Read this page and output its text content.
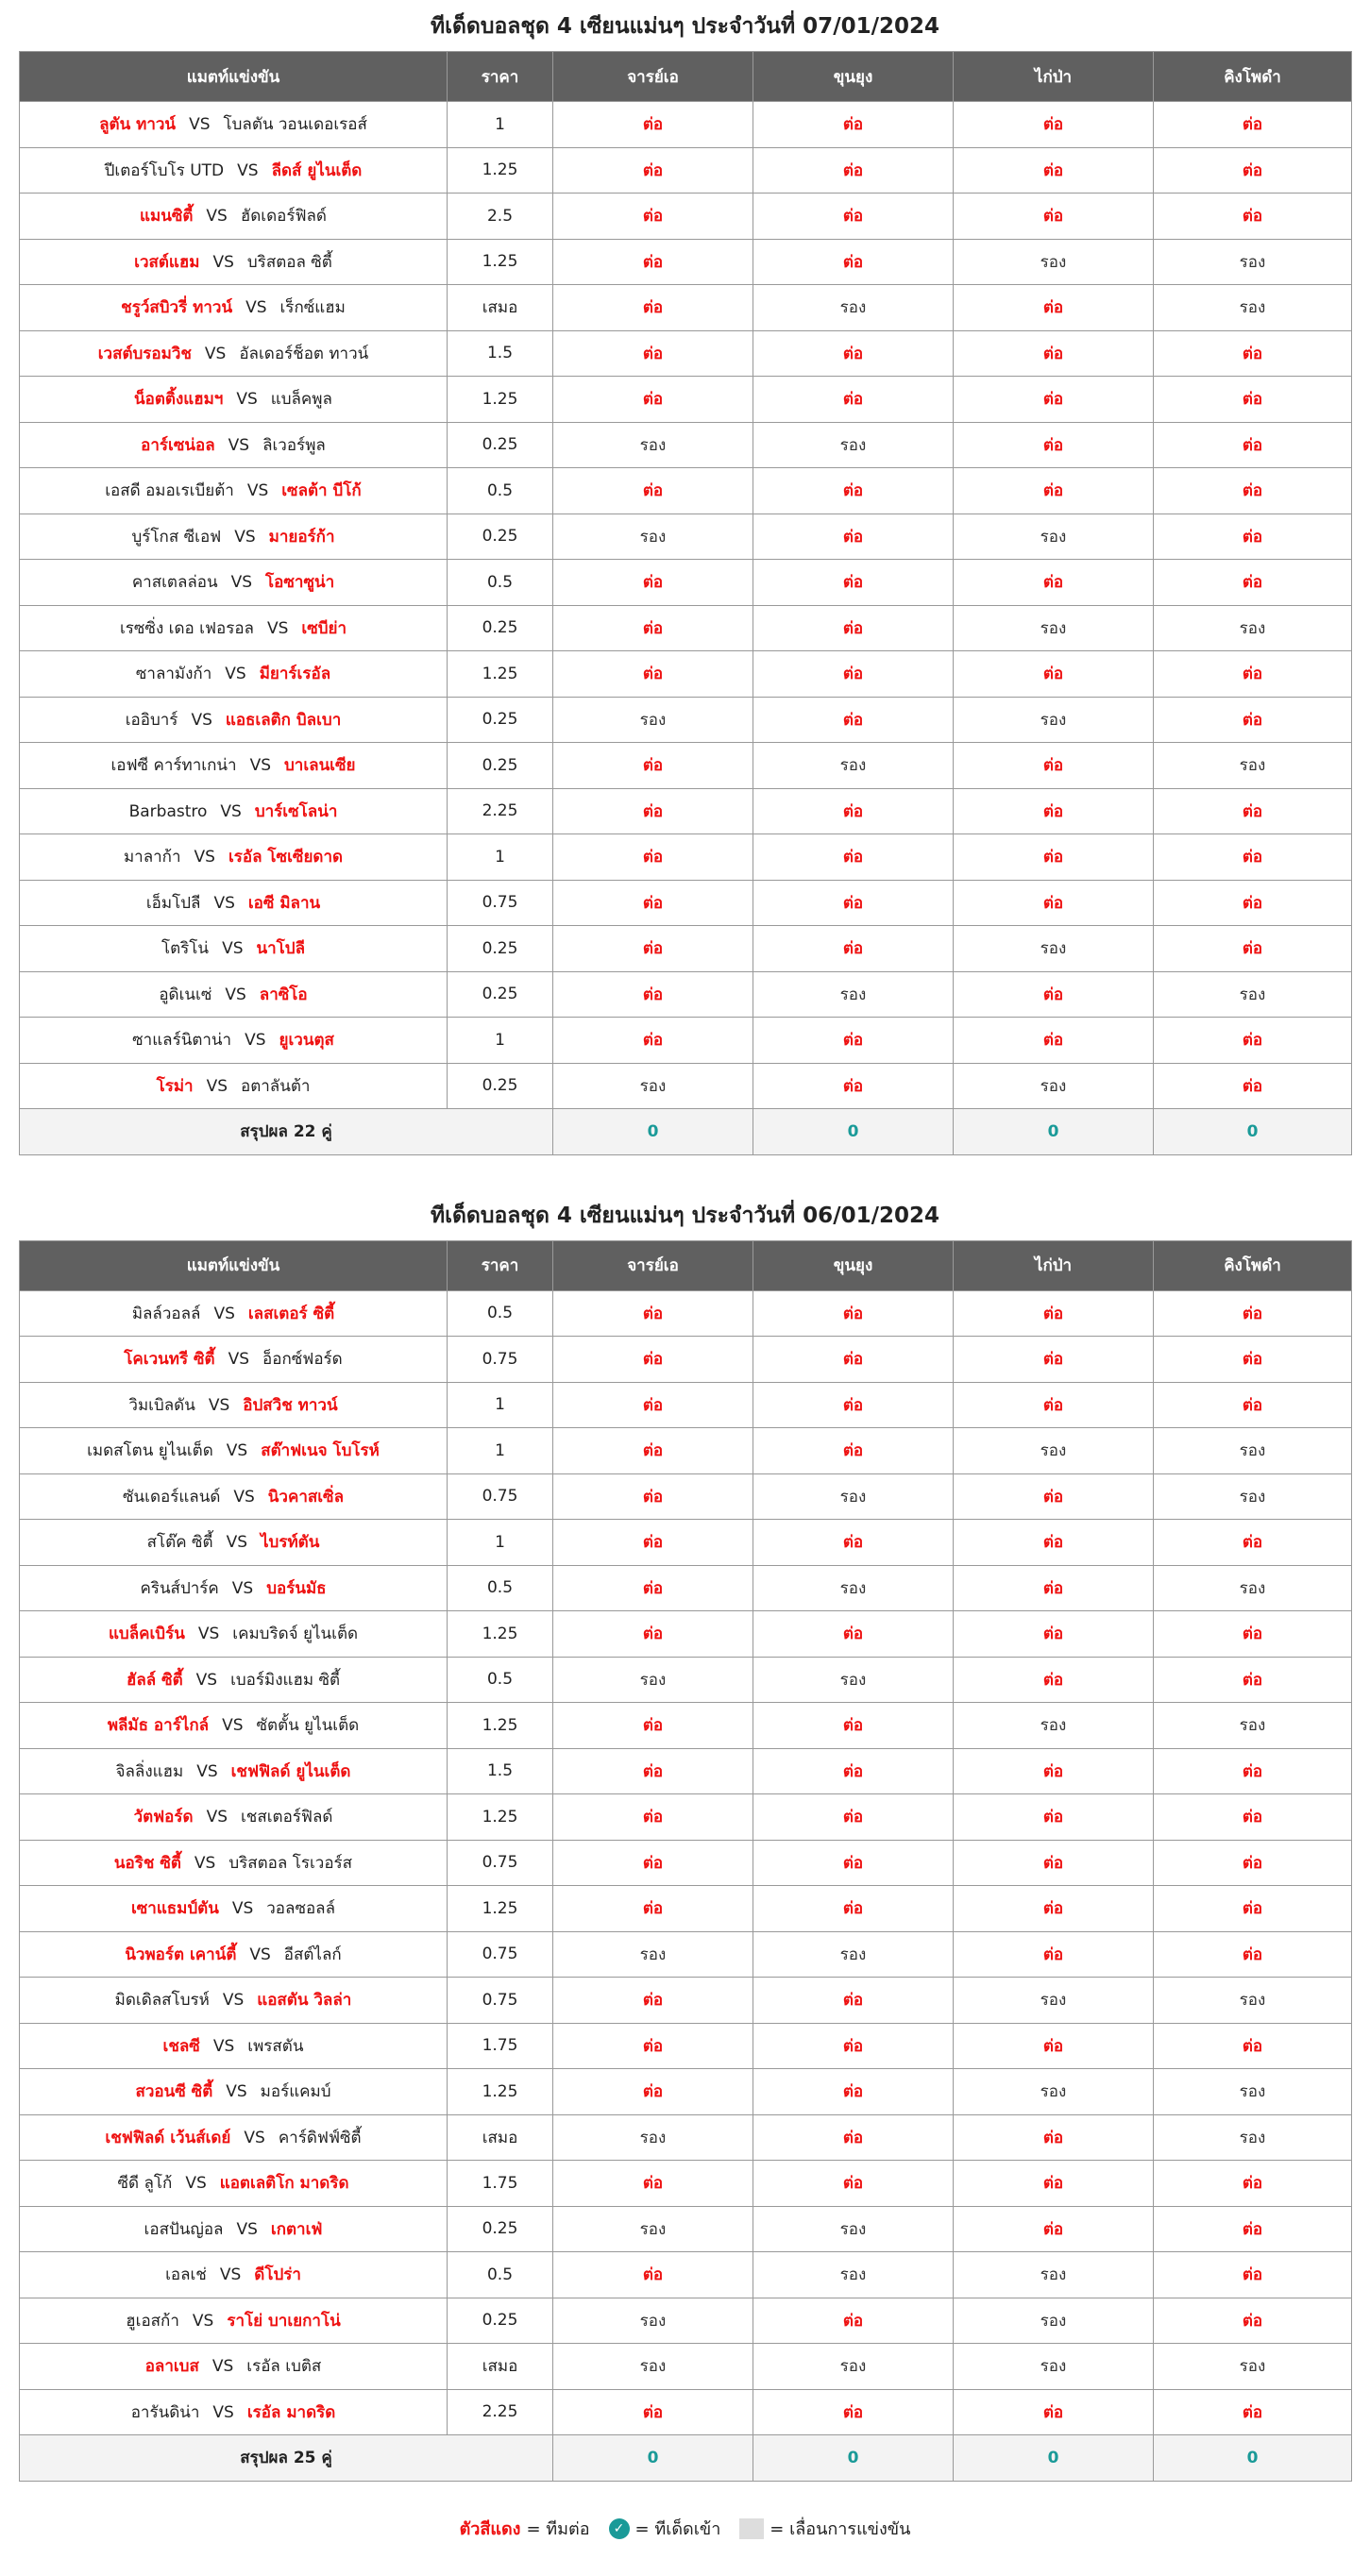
ทีเด็ดบอลชุด 4 เซียนแม่นๆ ประจำวันที่ 07/01/2024
แมตท์แข่งขัน	ราคา	จารย์เอ	ขุนยุง	ไก่ป่า	คิงโพดำ
ลูตัน ทาวน์ VS โบลตัน วอนเดอเรอส์	1	ต่อ	ต่อ	ต่อ	ต่อ
ปีเตอร์โบโร UTD VS ลีดส์ ยูไนเต็ด	1.25	ต่อ	ต่อ	ต่อ	ต่อ
แมนซิตี้ VS ฮัดเดอร์ฟิลด์	2.5	ต่อ	ต่อ	ต่อ	ต่อ
เวสต์แฮม VS บริสตอล ซิตี้	1.25	ต่อ	ต่อ	รอง	รอง
ชรูว์สบิวรี่ ทาวน์ VS เร็กซ์แฮม	เสมอ	ต่อ	รอง	ต่อ	รอง
เวสต์บรอมวิช VS อัลเดอร์ช็อต ทาวน์	1.5	ต่อ	ต่อ	ต่อ	ต่อ
น็อตติ้งแฮมฯ VS แบล็คพูล	1.25	ต่อ	ต่อ	ต่อ	ต่อ
อาร์เซน่อล VS ลิเวอร์พูล	0.25	รอง	รอง	ต่อ	ต่อ
เอสดี อมอเรเบียต้า VS เซลต้า บีโก้	0.5	ต่อ	ต่อ	ต่อ	ต่อ
บูร์โกส ซีเอฟ VS มายอร์ก้า	0.25	รอง	ต่อ	รอง	ต่อ
คาสเตลล่อน VS โอซาซูน่า	0.5	ต่อ	ต่อ	ต่อ	ต่อ
เรซซิ่ง เดอ เฟอรอล VS เซบีย่า	0.25	ต่อ	ต่อ	รอง	รอง
ซาลามังก้า VS มียาร์เรอัล	1.25	ต่อ	ต่อ	ต่อ	ต่อ
เออิบาร์ VS แอธเลติก บิลเบา	0.25	รอง	ต่อ	รอง	ต่อ
เอฟซี คาร์ทาเกน่า VS บาเลนเซีย	0.25	ต่อ	รอง	ต่อ	รอง
Barbastro VS บาร์เซโลน่า	2.25	ต่อ	ต่อ	ต่อ	ต่อ
มาลาก้า VS เรอัล โซเซียดาด	1	ต่อ	ต่อ	ต่อ	ต่อ
เอ็มโปลี VS เอซี มิลาน	0.75	ต่อ	ต่อ	ต่อ	ต่อ
โตริโน่ VS นาโปลี	0.25	ต่อ	ต่อ	รอง	ต่อ
อูดิเนเซ่ VS ลาซิโอ	0.25	ต่อ	รอง	ต่อ	รอง
ซาแลร์นิตาน่า VS ยูเวนตุส	1	ต่อ	ต่อ	ต่อ	ต่อ
โรม่า VS อตาลันต้า	0.25	รอง	ต่อ	รอง	ต่อ
สรุปผล 22 คู่		0	0	0	0
ทีเด็ดบอลชุด 4 เซียนแม่นๆ ประจำวันที่ 06/01/2024
แมตท์แข่งขัน	ราคา	จารย์เอ	ขุนยุง	ไก่ป่า	คิงโพดำ
มิลล์วอลล์ VS เลสเตอร์ ซิตี้	0.5	ต่อ	ต่อ	ต่อ	ต่อ
โคเวนทรี ซิตี้ VS อ็อกซ์ฟอร์ด	0.75	ต่อ	ต่อ	ต่อ	ต่อ
วิมเบิลดัน VS อิปสวิช ทาวน์	1	ต่อ	ต่อ	ต่อ	ต่อ
เมดสโตน ยูไนเต็ด VS สต๊าฟเนจ โบโรห์	1	ต่อ	ต่อ	รอง	รอง
ซันเดอร์แลนด์ VS นิวคาสเซิ่ล	0.75	ต่อ	รอง	ต่อ	รอง
สโต๊ค ซิตี้ VS ไบรท์ตัน	1	ต่อ	ต่อ	ต่อ	ต่อ
ครินส์ปาร์ค VS บอร์นมัธ	0.5	ต่อ	รอง	ต่อ	รอง
แบล็คเบิร์น VS เคมบริดจ์ ยูไนเต็ด	1.25	ต่อ	ต่อ	ต่อ	ต่อ
ฮัลล์ ซิตี้ VS เบอร์มิงแฮม ซิตี้	0.5	รอง	รอง	ต่อ	ต่อ
พลีมัธ อาร์ไกล์ VS ซัตตั้น ยูไนเต็ด	1.25	ต่อ	ต่อ	รอง	รอง
จิลลิ่งแฮม VS เชฟฟิลด์ ยูไนเต็ด	1.5	ต่อ	ต่อ	ต่อ	ต่อ
วัตฟอร์ด VS เชสเตอร์ฟิลด์	1.25	ต่อ	ต่อ	ต่อ	ต่อ
นอริช ซิตี้ VS บริสตอล โรเวอร์ส	0.75	ต่อ	ต่อ	ต่อ	ต่อ
เซาแธมป์ตัน VS วอลซอลล์	1.25	ต่อ	ต่อ	ต่อ	ต่อ
นิวพอร์ต เคาน์ตี้ VS อีสต์ไลก์	0.75	รอง	รอง	ต่อ	ต่อ
มิดเดิลสโบรห์ VS แอสตัน วิลล่า	0.75	ต่อ	ต่อ	รอง	รอง
เชลซี VS เพรสตัน	1.75	ต่อ	ต่อ	ต่อ	ต่อ
สวอนซี ซิตี้ VS มอร์แคมบ์	1.25	ต่อ	ต่อ	รอง	รอง
เชฟฟิลด์ เว้นส์เดย์ VS คาร์ดิฟฟ์ซิตี้	เสมอ	รอง	ต่อ	ต่อ	รอง
ซีดี ลูโก้ VS แอตเลติโก มาดริด	1.75	ต่อ	ต่อ	ต่อ	ต่อ
เอสปันญ่อล VS เกตาเฟ่	0.25	รอง	รอง	ต่อ	ต่อ
เอลเช่ VS ดีโปร่า	0.5	ต่อ	รอง	รอง	ต่อ
ฮูเอสก้า VS ราโย่ บาเยกาโน่	0.25	รอง	ต่อ	รอง	ต่อ
อลาเบส VS เรอัล เบติส	เสมอ	รอง	รอง	รอง	รอง
อารันดิน่า VS เรอัล มาดริด	2.25	ต่อ	ต่อ	ต่อ	ต่อ
สรุปผล 25 คู่		0	0	0	0
ตัวสีแดง = ทีมต่อ	✓ = ทีเด็ดเข้า	= เลื่อนการแข่งขัน
